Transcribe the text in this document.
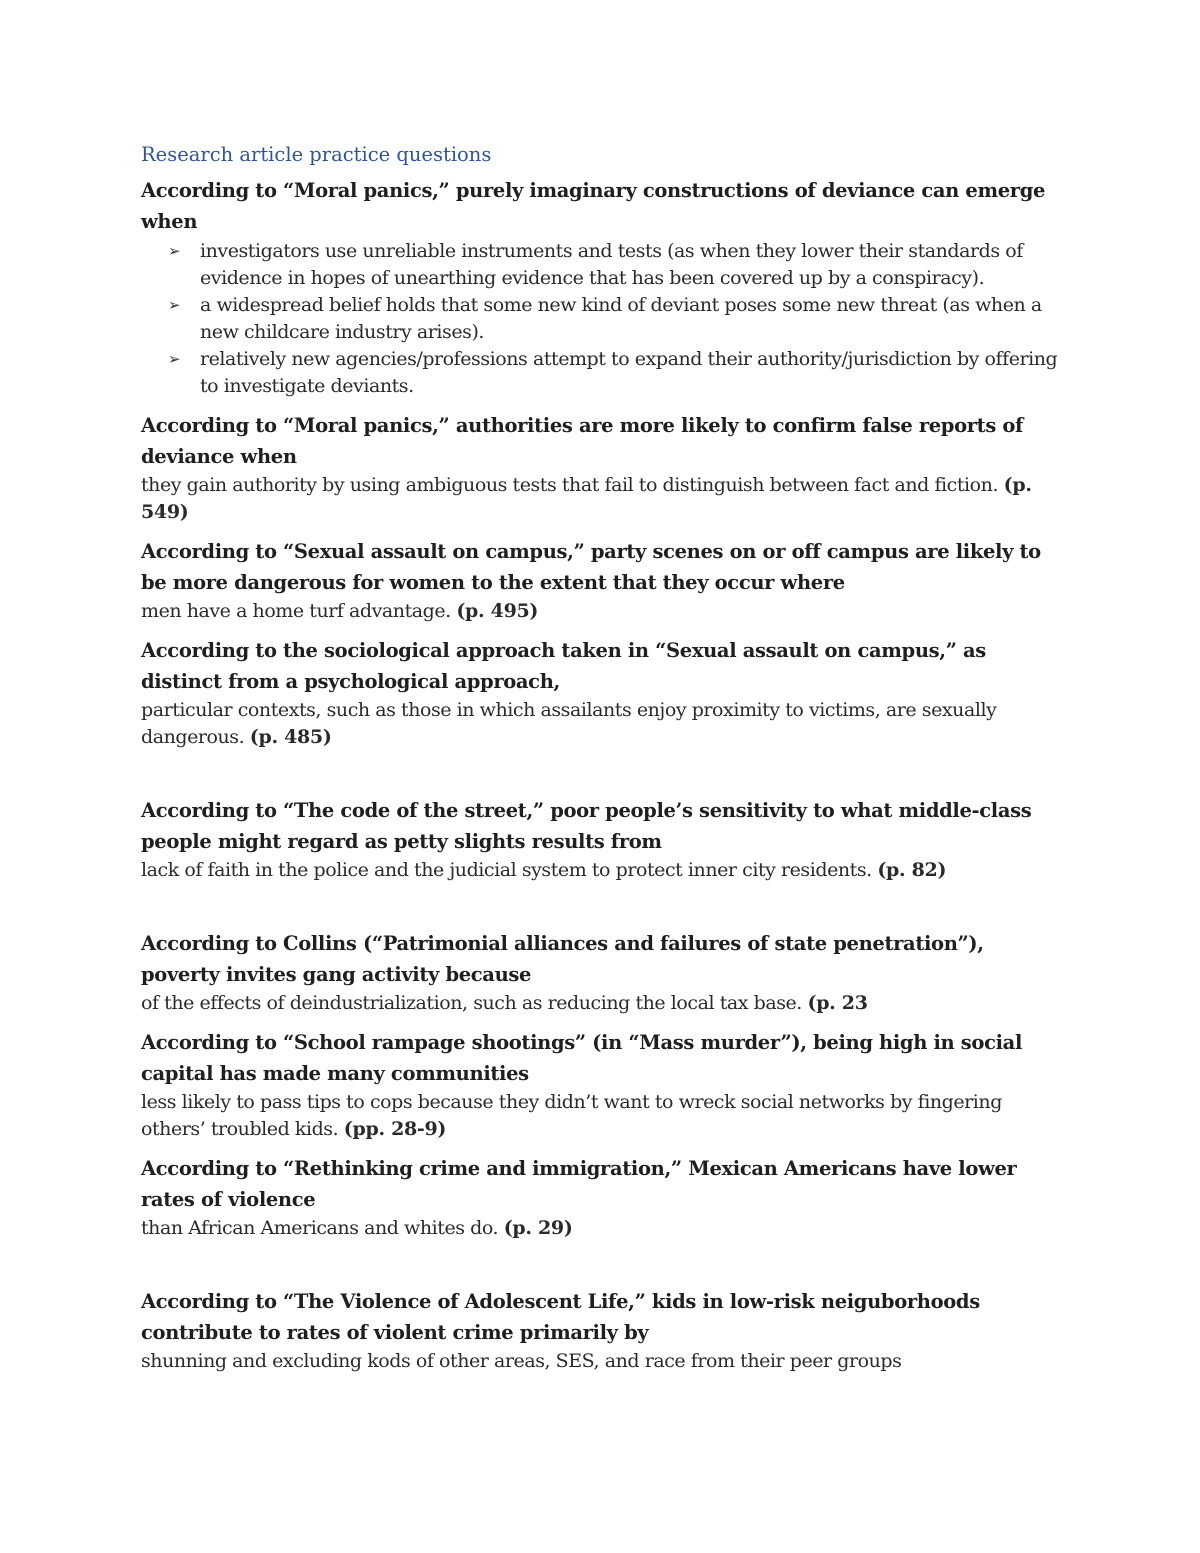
Research article practice questions

According to “Moral panics,” purely imaginary constructions of deviance can emerge when

➢ investigators use unreliable instruments and tests (as when they lower their standards of evidence in hopes of unearthing evidence that has been covered up by a conspiracy).
➢ a widespread belief holds that some new kind of deviant poses some new threat (as when a new childcare industry arises).
➢ relatively new agencies/professions attempt to expand their authority/jurisdiction by offering to investigate deviants.

According to “Moral panics,” authorities are more likely to confirm false reports of deviance when

they gain authority by using ambiguous tests that fail to distinguish between fact and fiction. (p. 549)

According to “Sexual assault on campus,” party scenes on or off campus are likely to be more dangerous for women to the extent that they occur where

men have a home turf advantage. (p. 495)

According to the sociological approach taken in “Sexual assault on campus,” as distinct from a psychological approach,

particular contexts, such as those in which assailants enjoy proximity to victims, are sexually dangerous. (p. 485)

According to “The code of the street,” poor people’s sensitivity to what middle-class people might regard as petty slights results from

lack of faith in the police and the judicial system to protect inner city residents. (p. 82)

According to Collins (“Patrimonial alliances and failures of state penetration”), poverty invites gang activity because

of the effects of deindustrialization, such as reducing the local tax base. (p. 23

According to “School rampage shootings” (in “Mass murder”), being high in social capital has made many communities

less likely to pass tips to cops because they didn’t want to wreck social networks by fingering others’ troubled kids. (pp. 28-9)

According to “Rethinking crime and immigration,” Mexican Americans have lower rates of violence

than African Americans and whites do. (p. 29)

According to “The Violence of Adolescent Life,” kids in low-risk neiguborhoods contribute to rates of violent crime primarily by

shunning and excluding kods of other areas, SES, and race from their peer groups
